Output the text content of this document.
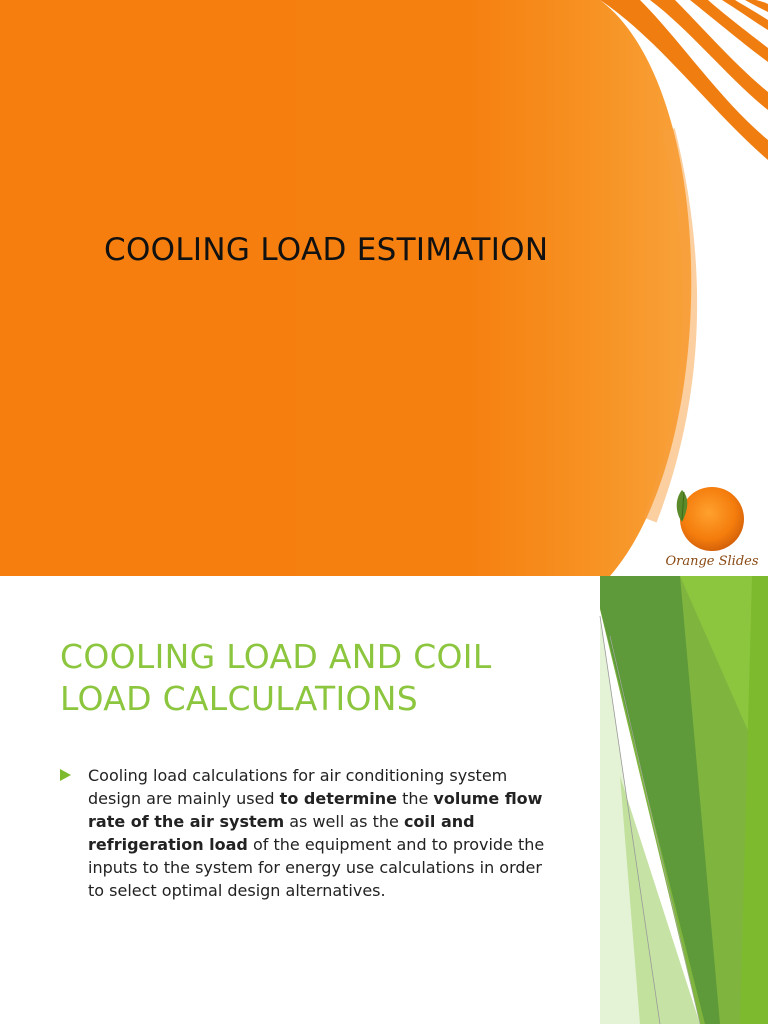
COOLING LOAD ESTIMATION
Orange Slides
COOLING LOAD AND COIL
LOAD CALCULATIONS
Cooling load calculations for air conditioning system
design are mainly used to determine the volume flow
rate of the air system as well as the coil and
refrigeration load of the equipment and to provide the
inputs to the system for energy use calculations in order
to select optimal design alternatives.
